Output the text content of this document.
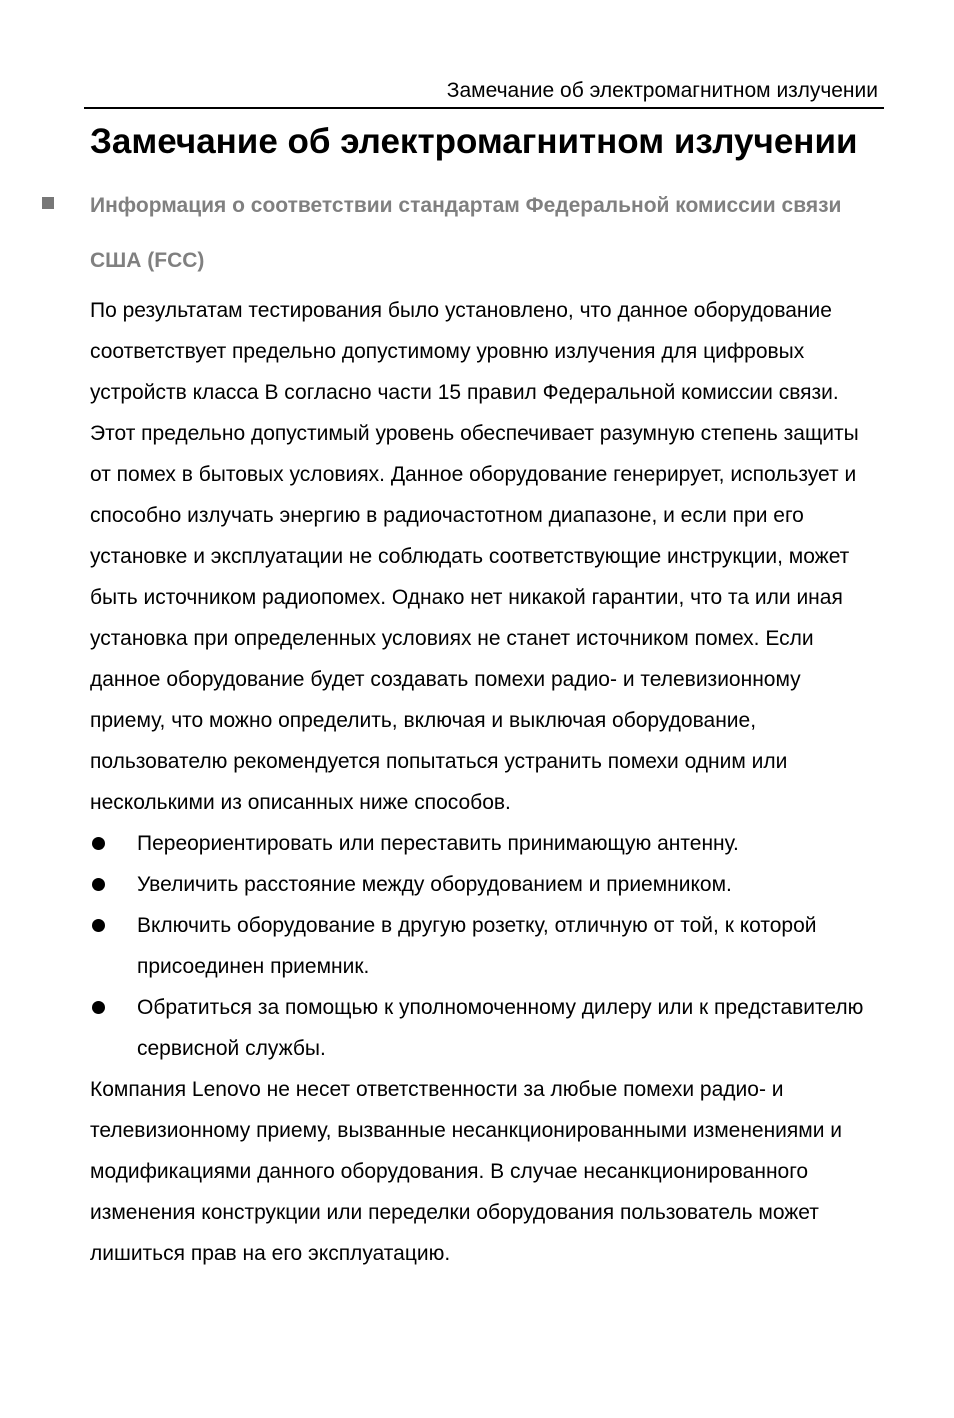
Замечание об электромагнитном излучении
Замечание об электромагнитном излучении
Информация о соответствии стандартам Федеральной комиссии связи США (FCC)

По результатам тестирования было установлено, что данное оборудование соответствует предельно допустимому уровню излучения для цифровых устройств класса B согласно части 15 правил Федеральной комиссии связи. Этот предельно допустимый уровень обеспечивает разумную степень защиты от помех в бытовых условиях. Данное оборудование генерирует, использует и способно излучать энергию в радиочастотном диапазоне, и если при его установке и эксплуатации не соблюдать соответствующие инструкции, может быть источником радиопомех. Однако нет никакой гарантии, что та или иная установка при определенных условиях не станет источником помех. Если данное оборудование будет создавать помехи радио- и телевизионному приему, что можно определить, включая и выключая оборудование, пользователю рекомендуется попытаться устранить помехи одним или несколькими из описанных ниже способов.

Переориентировать или переставить принимающую антенну.
Увеличить расстояние между оборудованием и приемником.
Включить оборудование в другую розетку, отличную от той, к которой присоединен приемник.
Обратиться за помощью к уполномоченному дилеру или к представителю сервисной службы.

Компания Lenovo не несет ответственности за любые помехи радио- и телевизионному приему, вызванные несанкционированными изменениями и модификациями данного оборудования. В случае несанкционированного изменения конструкции или переделки оборудования пользователь может лишиться прав на его эксплуатацию.
